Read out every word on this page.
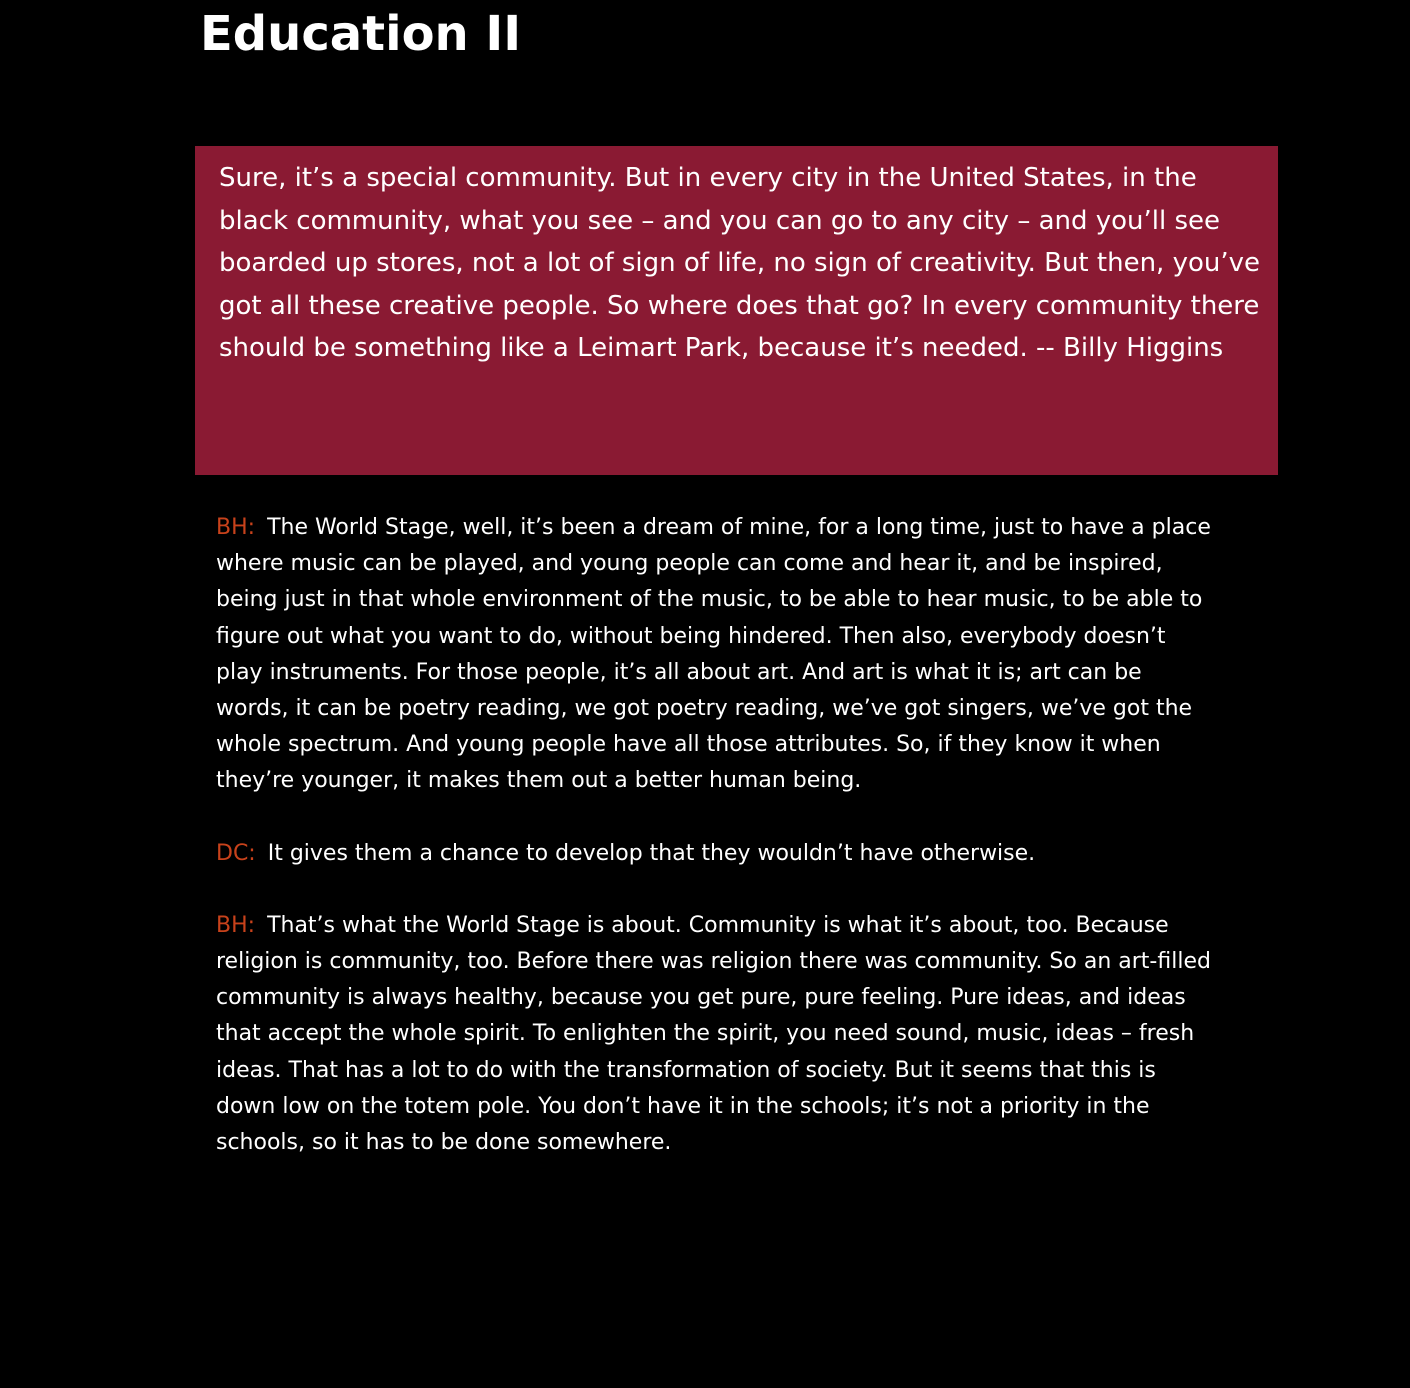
Education II

Sure, it’s a special community. But in every city in the United States, in the black community, what you see – and you can go to any city – and you’ll see boarded up stores, not a lot of sign of life, no sign of creativity. But then, you’ve got all these creative people. So where does that go? In every community there should be something like a Leimart Park, because it’s needed. -- Billy Higgins

BH: The World Stage, well, it’s been a dream of mine, for a long time, just to have a place where music can be played, and young people can come and hear it, and be inspired, being just in that whole environment of the music, to be able to hear music, to be able to figure out what you want to do, without being hindered. Then also, everybody doesn’t play instruments. For those people, it’s all about art. And art is what it is; art can be words, it can be poetry reading, we got poetry reading, we’ve got singers, we’ve got the whole spectrum. And young people have all those attributes. So, if they know it when they’re younger, it makes them out a better human being.

DC: It gives them a chance to develop that they wouldn’t have otherwise.

BH: That’s what the World Stage is about. Community is what it’s about, too. Because religion is community, too. Before there was religion there was community. So an art-filled community is always healthy, because you get pure, pure feeling. Pure ideas, and ideas that accept the whole spirit. To enlighten the spirit, you need sound, music, ideas – fresh ideas. That has a lot to do with the transformation of society. But it seems that this is down low on the totem pole. You don’t have it in the schools; it’s not a priority in the schools, so it has to be done somewhere.
